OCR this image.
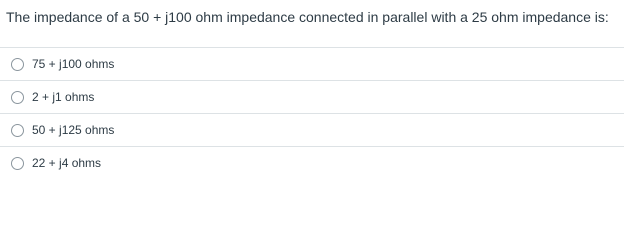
The impedance of a 50 + j100 ohm impedance connected in parallel with a 25 ohm impedance is:
75 + j100 ohms
2 + j1 ohms
50 + j125 ohms
22 + j4 ohms
